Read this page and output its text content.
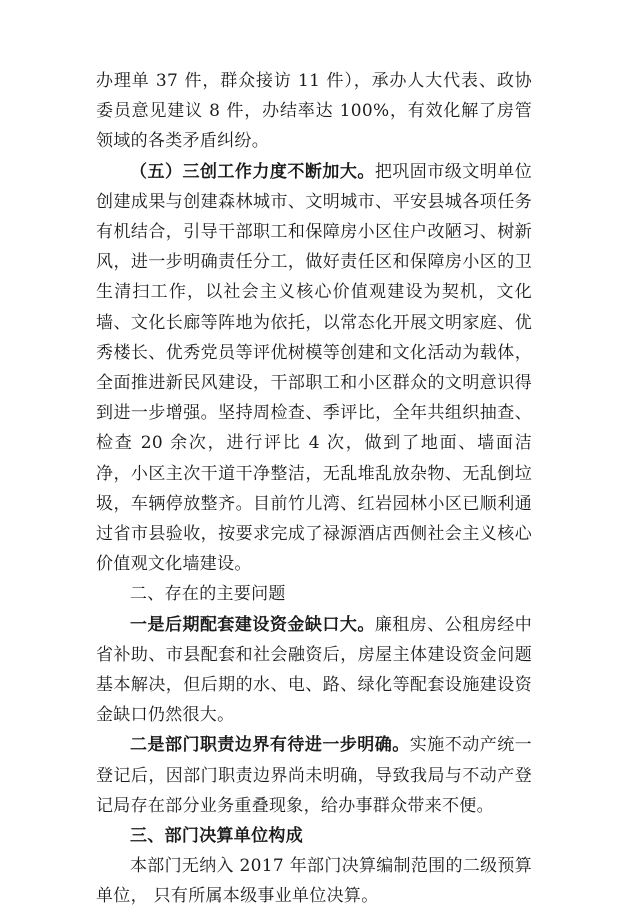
办理单 37 件，群众接访 11 件），承办人大代表、政协委员意见建议 8 件，办结率达 100%，有效化解了房管领域的各类矛盾纠纷。

（五）三创工作力度不断加大。把巩固市级文明单位创建成果与创建森林城市、文明城市、平安县城各项任务有机结合，引导干部职工和保障房小区住户改陋习、树新风，进一步明确责任分工，做好责任区和保障房小区的卫生清扫工作，以社会主义核心价值观建设为契机，文化墙、文化长廊等阵地为依托，以常态化开展文明家庭、优秀楼长、优秀党员等评优树模等创建和文化活动为载体，全面推进新民风建设，干部职工和小区群众的文明意识得到进一步增强。坚持周检查、季评比，全年共组织抽查、检查 20 余次，进行评比 4 次，做到了地面、墙面洁净，小区主次干道干净整洁，无乱堆乱放杂物、无乱倒垃圾，车辆停放整齐。目前竹儿湾、红岩园林小区已顺利通过省市县验收，按要求完成了禄源酒店西侧社会主义核心价值观文化墙建设。

二、存在的主要问题

一是后期配套建设资金缺口大。廉租房、公租房经中省补助、市县配套和社会融资后，房屋主体建设资金问题基本解决，但后期的水、电、路、绿化等配套设施建设资金缺口仍然很大。

二是部门职责边界有待进一步明确。实施不动产统一登记后，因部门职责边界尚未明确，导致我局与不动产登记局存在部分业务重叠现象，给办事群众带来不便。

三、部门决算单位构成

本部门无纳入 2017 年部门决算编制范围的二级预算单位， 只有所属本级事业单位决算。
